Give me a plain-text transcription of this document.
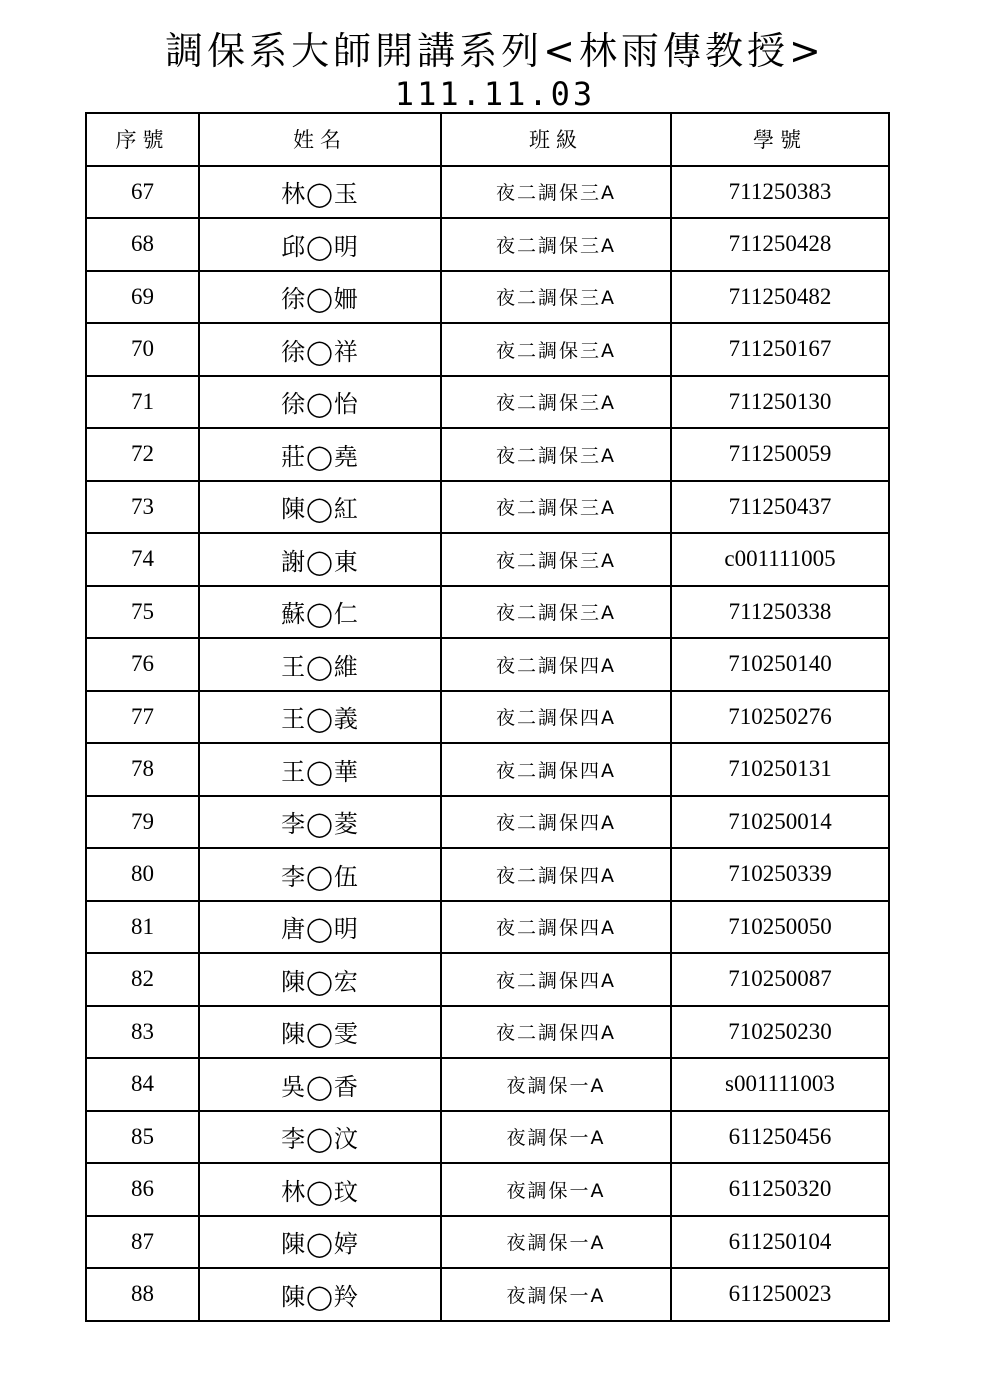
調保系大師開講系列<林雨傳教授>
111.11.03
序號	姓名	班級	學號
67	林◯玉	夜二調保三A	711250383
68	邱◯明	夜二調保三A	711250428
69	徐◯姍	夜二調保三A	711250482
70	徐◯祥	夜二調保三A	711250167
71	徐◯怡	夜二調保三A	711250130
72	莊◯堯	夜二調保三A	711250059
73	陳◯紅	夜二調保三A	711250437
74	謝◯東	夜二調保三A	c001111005
75	蘇◯仁	夜二調保三A	711250338
76	王◯維	夜二調保四A	710250140
77	王◯義	夜二調保四A	710250276
78	王◯華	夜二調保四A	710250131
79	李◯菱	夜二調保四A	710250014
80	李◯伍	夜二調保四A	710250339
81	唐◯明	夜二調保四A	710250050
82	陳◯宏	夜二調保四A	710250087
83	陳◯雯	夜二調保四A	710250230
84	吳◯香	夜調保一A	s001111003
85	李◯汶	夜調保一A	611250456
86	林◯玟	夜調保一A	611250320
87	陳◯婷	夜調保一A	611250104
88	陳◯羚	夜調保一A	611250023
